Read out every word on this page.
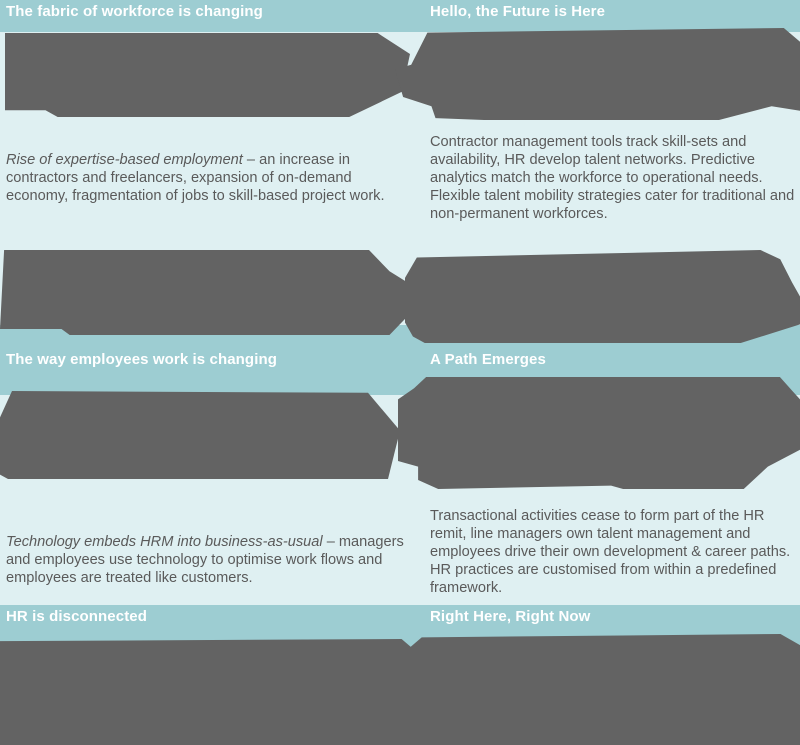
The fabric of workforce is changing	Hello, the Future is Here
Rise of expertise-based employment – an increase in contractors and freelancers, expansion of on-demand economy, fragmentation of jobs to skill-based project work.
Contractor management tools track skill-sets and availability, HR develop talent networks. Predictive analytics match the workforce to operational needs. Flexible talent mobility strategies cater for traditional and non-permanent workforces.
The way employees work is changing	A Path Emerges
Technology embeds HRM into business-as-usual – managers and employees use technology to optimise work flows and employees are treated like customers.
Transactional activities cease to form part of the HR remit, line managers own talent management and employees drive their own development & career paths. HR practices are customised from within a predefined framework.
HR is disconnected	Right Here, Right Now
